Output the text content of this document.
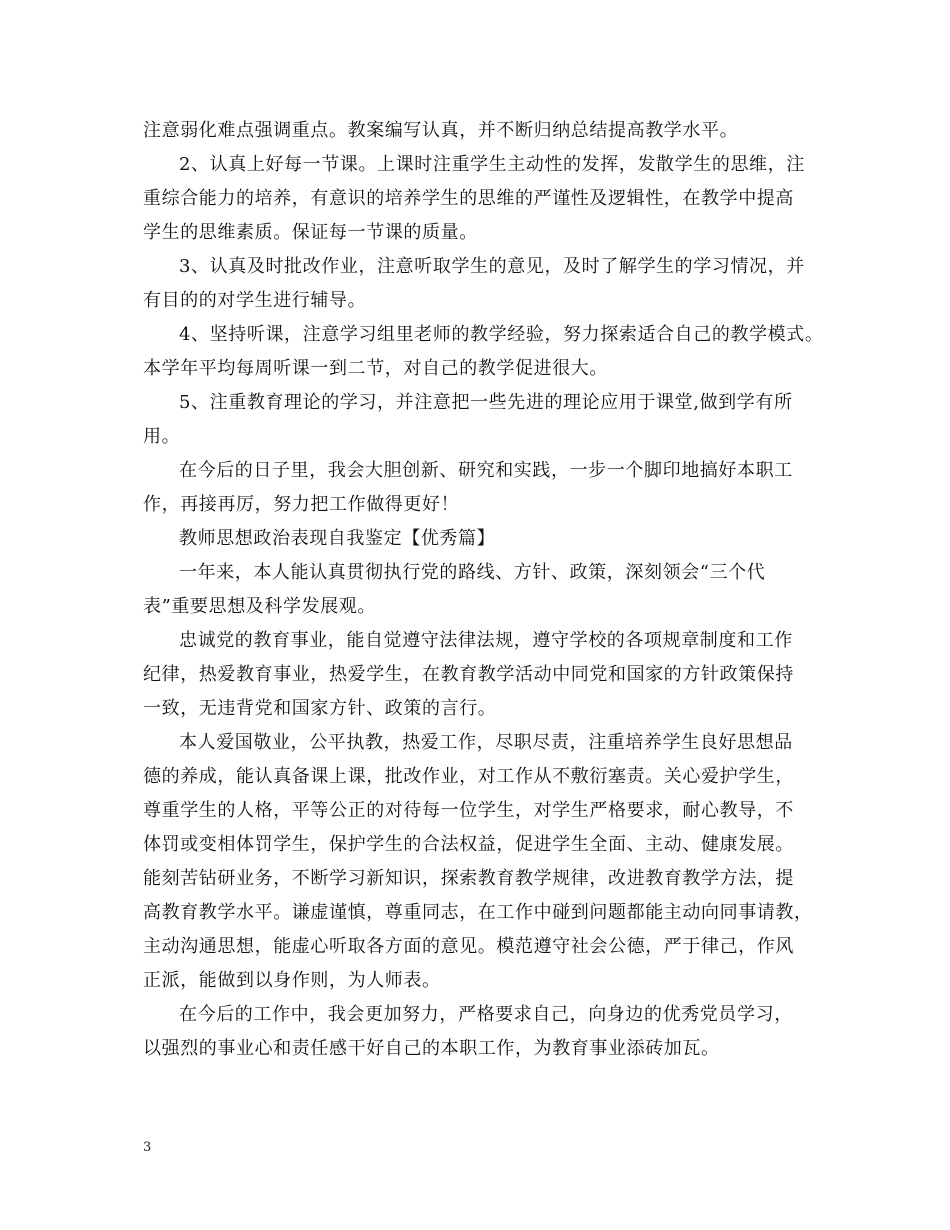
注意弱化难点强调重点。教案编写认真，并不断归纳总结提高教学水平。
2、认真上好每一节课。上课时注重学生主动性的发挥，发散学生的思维，注
重综合能力的培养，有意识的培养学生的思维的严谨性及逻辑性，在教学中提高
学生的思维素质。保证每一节课的质量。
3、认真及时批改作业，注意听取学生的意见，及时了解学生的学习情况，并
有目的的对学生进行辅导。
4、坚持听课，注意学习组里老师的教学经验，努力探索适合自己的教学模式。
本学年平均每周听课一到二节，对自己的教学促进很大。
5、注重教育理论的学习，并注意把一些先进的理论应用于课堂,做到学有所
用。
在今后的日子里，我会大胆创新、研究和实践，一步一个脚印地搞好本职工
作，再接再厉，努力把工作做得更好！
教师思想政治表现自我鉴定【优秀篇】
一年来，本人能认真贯彻执行党的路线、方针、政策，深刻领会“三个代
表”重要思想及科学发展观。
忠诚党的教育事业，能自觉遵守法律法规，遵守学校的各项规章制度和工作
纪律，热爱教育事业，热爱学生，在教育教学活动中同党和国家的方针政策保持
一致，无违背党和国家方针、政策的言行。
本人爱国敬业，公平执教，热爱工作，尽职尽责，注重培养学生良好思想品
德的养成，能认真备课上课，批改作业，对工作从不敷衍塞责。关心爱护学生，
尊重学生的人格，平等公正的对待每一位学生，对学生严格要求，耐心教导，不
体罚或变相体罚学生，保护学生的合法权益，促进学生全面、主动、健康发展。
能刻苦钻研业务，不断学习新知识，探索教育教学规律，改进教育教学方法，提
高教育教学水平。谦虚谨慎，尊重同志，在工作中碰到问题都能主动向同事请教，
主动沟通思想，能虚心听取各方面的意见。模范遵守社会公德，严于律己，作风
正派，能做到以身作则，为人师表。
在今后的工作中，我会更加努力，严格要求自己，向身边的优秀党员学习，
以强烈的事业心和责任感干好自己的本职工作，为教育事业添砖加瓦。
3
